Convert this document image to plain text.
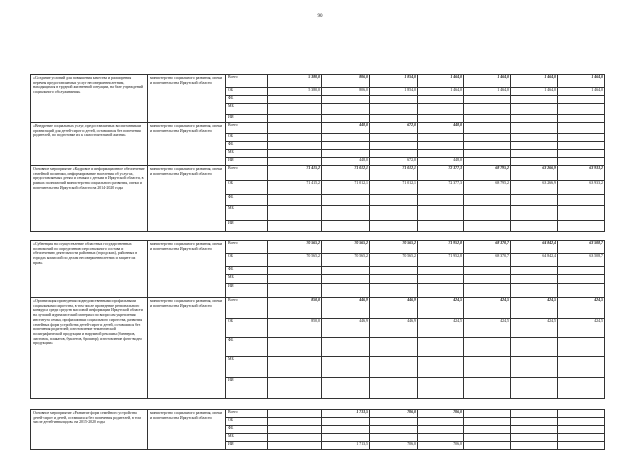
90
«Создание условий для повышения качества и расширения перечня предоставляемых услуг несовершеннолетним, находящимся в трудной жизненной ситуации, на базе учреждений социального обслуживания»	министерство социального развития, опеки и попечительства Иркутской области	Всего	5 380,0	806,0	1 854,0	1 464,0	1 464,0	1 464,0	1 464,0
		ОБ	5 380,0	806,0	1 854,0	1 464,0	1 464,0	1 464,0	1 464,0
		ФБ							
		МБ							
		ИИ							
«Внедрение социальных услуг, предоставляемых воспитанникам организаций для детей-сирот и детей, оставшихся без попечения родителей, по подготовке их к самостоятельной жизни»	министерство социального развития, опеки и попечительства Иркутской области	Всего		448,0	672,0	448,0			
		ОБ							
		ФБ							
		МБ							
		ИИ		448,0	672,0	448,0			
Основное мероприятие «Кадровое и информационное обеспечение семейной политики, информирование населения об услугах, предоставляемых детям и семьям с детьми в Иркутской области, в рамках полномочий министерства социального развития, опеки и попечительства Иркутской области на 2014-2020 годы	министерство социального развития, опеки и попечительства Иркутской области	Всего	71 415,2	71 012,1	71 012,1	72 377,3	68 795,2	63 266,9	63 933,2
		ОБ	71 415,2	71 012,1	71 012,1	72 377,3	68 795,2	63 266,9	63 933,2
		ФБ							
		МБ							
		ИИ							

«Субвенция на осуществление областных государственных полномочий по определению персонального состава и обеспечению деятельности районных (городских), районных в городах комиссий по делам несовершеннолетних и защите их прав»	министерство социального развития, опеки и попечительства Иркутской области	Всего	70 565,2	70 565,2	70 565,2	71 952,8	68 370,7	64 842,4	63 508,7
		ОБ	70 565,2	70 565,2	70 565,2	71 952,8	68 370,7	64 842,4	63 508,7
		ФБ							
		МБ							
		ИИ							
«Организация проведения подведомственными профильными социальными сиротства, в том числе проведение регионального конкурса среди средств массовой информации Иркутской области на лучший журналистский материал по вопросам укрепления института семьи, профилактики социального сиротства, развития семейных форм устройства детей-сирот и детей, оставшихся без попечения родителей; изготовление тематической полиграфической продукции и наружной рекламы (баннеров, листовок, плакатов, буклетов, брошюр); изготовление фото-видео продукции»	министерство социального развития, опеки и попечительства Иркутской области	Всего	850,0	446,9	446,9	424,5	424,5	424,5	424,5
		ОБ	850,0	446,9	446,9	424,5	424,5	424,5	424,5
		ФБ							
		МБ							
		ИИ							

Основное мероприятие «Развитие форм семейного устройства детей-сирот и детей, оставшихся без попечения родителей, в том числе детей-инвалидов» на 2015-2020 годы	министерство социального развития, опеки и попечительства Иркутской области	Всего		1 713,5	706,0	706,0			
		ОБ							
		ФБ							
		МБ							
		ИИ		1 713,5	706,0	706,0			
